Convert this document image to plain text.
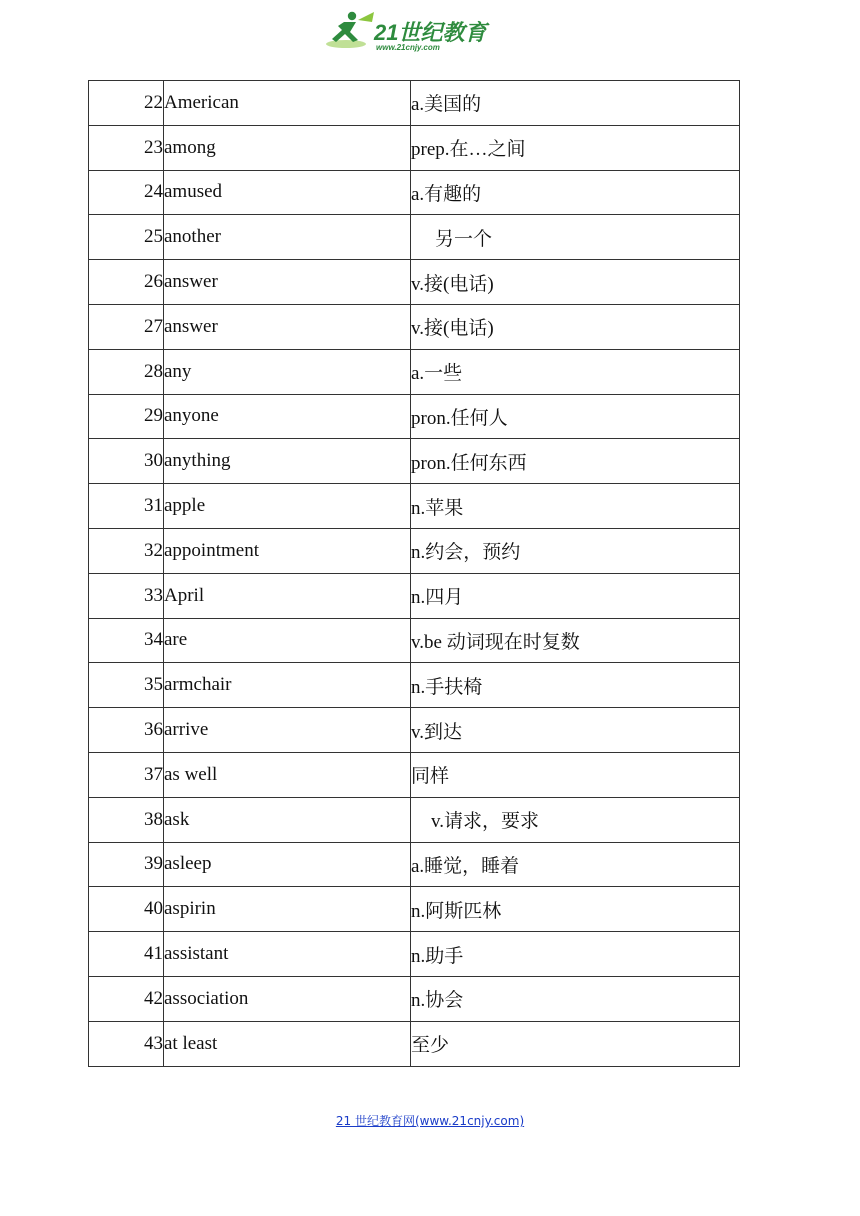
21世纪教育
www.21cnjy.com
22	American	a.美国的
23	among	prep.在…之间
24	amused	a.有趣的
25	another	另一个
26	answer	v.接(电话)
27	answer	v.接(电话)
28	any	a.一些
29	anyone	pron.任何人
30	anything	pron.任何东西
31	apple	n.苹果
32	appointment	n.约会，预约
33	April	n.四月
34	are	v.be 动词现在时复数
35	armchair	n.手扶椅
36	arrive	v.到达
37	as well	同样
38	ask	v.请求，要求
39	asleep	a.睡觉，睡着
40	aspirin	n.阿斯匹林
41	assistant	n.助手
42	association	n.协会
43	at least	至少
21 世纪教育网(www.21cnjy.com)
